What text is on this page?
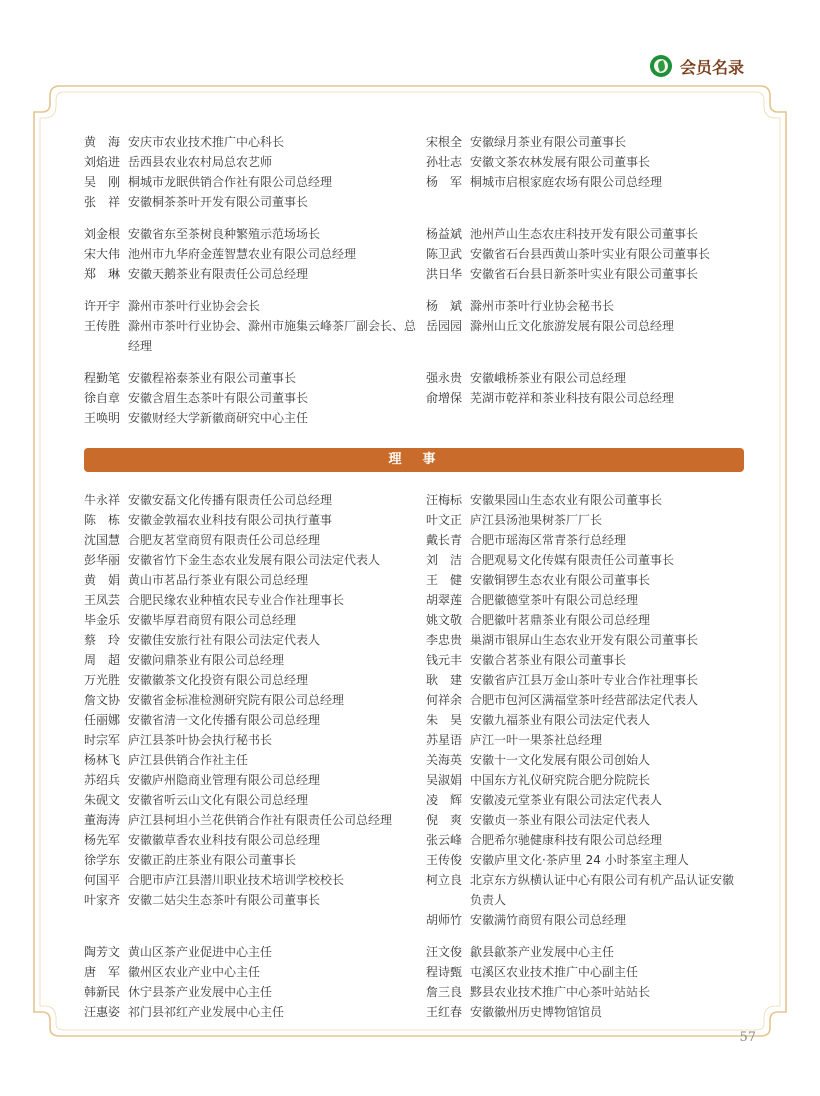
会员名录
黄　海 安庆市农业技术推广中心科长
刘焰进 岳西县农业农村局总农艺师
吴　刚 桐城市龙眠供销合作社有限公司总经理
张　祥 安徽桐茶茶叶开发有限公司董事长
宋根全 安徽绿月茶业有限公司董事长
孙壮志 安徽文茶农林发展有限公司董事长
杨　军 桐城市启根家庭农场有限公司总经理
刘金根 安徽省东至茶树良种繁殖示范场场长
宋大伟 池州市九华府金莲智慧农业有限公司总经理
郑　琳 安徽天鹅茶业有限责任公司总经理
杨益斌 池州芦山生态农庄科技开发有限公司董事长
陈卫武 安徽省石台县西黄山茶叶实业有限公司董事长
洪日华 安徽省石台县日新茶叶实业有限公司董事长
许开宇 滁州市茶叶行业协会会长
王传胜 滁州市茶叶行业协会、滁州市施集云峰茶厂副会长、总经理
杨　斌 滁州市茶叶行业协会秘书长
岳园园 滁州山丘文化旅游发展有限公司总经理
程勤笔 安徽程裕泰茶业有限公司董事长
徐自章 安徽含眉生态茶叶有限公司董事长
王唤明 安徽财经大学新徽商研究中心主任
强永贵 安徽峨桥茶业有限公司总经理
俞增保 芜湖市乾祥和茶业科技有限公司总经理
理　事
牛永祥 安徽安磊文化传播有限责任公司总经理
陈　栋 安徽金敦福农业科技有限公司执行董事
沈国慧 合肥友茗堂商贸有限责任公司总经理
彭华丽 安徽省竹下金生态农业发展有限公司法定代表人
黄　娟 黄山市茗品行茶业有限公司总经理
王凤芸 合肥民缘农业种植农民专业合作社理事长
毕金乐 安徽毕厚君商贸有限公司总经理
蔡　玲 安徽佳安旅行社有限公司法定代表人
周　超 安徽问鼎茶业有限公司总经理
万光胜 安徽徽茶文化投资有限公司总经理
詹文协 安徽省金标准检测研究院有限公司总经理
任丽娜 安徽省清一文化传播有限公司总经理
时宗军 庐江县茶叶协会执行秘书长
杨林飞 庐江县供销合作社主任
苏绍兵 安徽庐州隐商业管理有限公司总经理
朱砚文 安徽省听云山文化有限公司总经理
董海涛 庐江县柯坦小兰花供销合作社有限责任公司总经理
杨先军 安徽徽草香农业科技有限公司总经理
徐学东 安徽正韵庄茶业有限公司董事长
何国平 合肥市庐江县潜川职业技术培训学校校长
叶家齐 安徽二姑尖生态茶叶有限公司董事长
汪梅标 安徽果园山生态农业有限公司董事长
叶文正 庐江县汤池果树茶厂厂长
戴长青 合肥市瑶海区常青茶行总经理
刘　洁 合肥观易文化传媒有限责任公司董事长
王　健 安徽铜锣生态农业有限公司董事长
胡翠莲 合肥徽德堂茶叶有限公司总经理
姚文敬 合肥徽叶茗鼎茶业有限公司总经理
李忠贵 巢湖市银屏山生态农业开发有限公司董事长
钱元丰 安徽合茗茶业有限公司董事长
耿　建 安徽省庐江县万金山茶叶专业合作社理事长
何祥余 合肥市包河区满福堂茶叶经营部法定代表人
朱　昊 安徽九福茶业有限公司法定代表人
苏星语 庐江一叶一果茶社总经理
关海英 安徽十一文化发展有限公司创始人
吴淑娟 中国东方礼仪研究院合肥分院院长
凌　辉 安徽凌元堂茶业有限公司法定代表人
倪　爽 安徽贞一茶业有限公司法定代表人
张云峰 合肥希尔驰健康科技有限公司总经理
王传俊 安徽庐里文化·茶庐里 24 小时茶室主理人
柯立良 北京东方纵横认证中心有限公司有机产品认证安徽负责人
胡师竹 安徽满竹商贸有限公司总经理
陶芳文 黄山区茶产业促进中心主任
唐　军 徽州区农业产业中心主任
韩新民 休宁县茶产业发展中心主任
汪惠姿 祁门县祁红产业发展中心主任
汪文俊 歙县歙茶产业发展中心主任
程诗甄 屯溪区农业技术推广中心副主任
詹三良 黟县农业技术推广中心茶叶站站长
王红春 安徽徽州历史博物馆馆员
57
